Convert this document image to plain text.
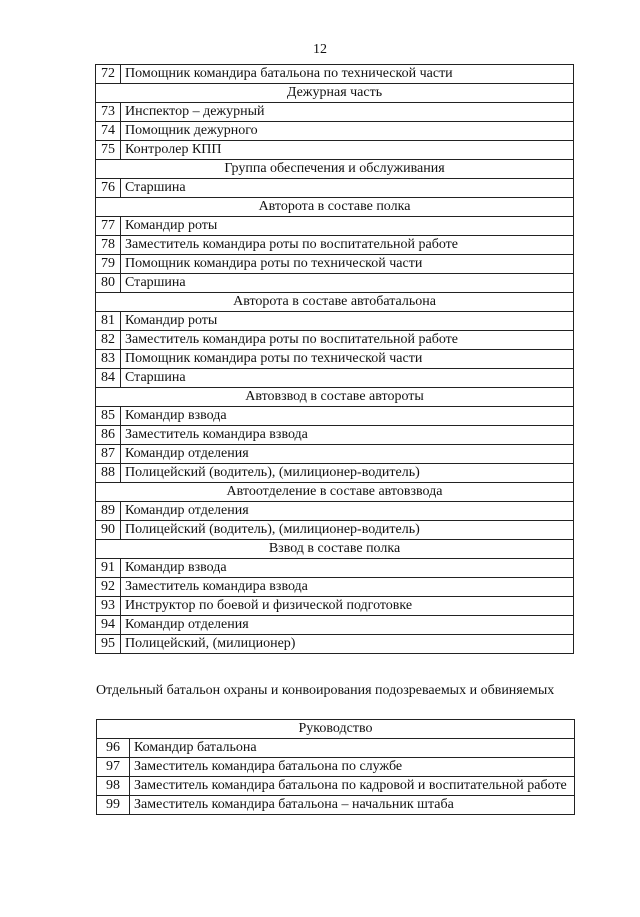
12
72	Помощник командира батальона по технической части
Дежурная часть	
73	Инспектор – дежурный
74	Помощник дежурного
75	Контролер КПП
Группа обеспечения и обслуживания	
76	Старшина
Авторота в составе полка	
77	Командир роты
78	Заместитель командира роты по воспитательной работе
79	Помощник командира роты по технической части
80	Старшина
Авторота в составе автобатальона	
81	Командир роты
82	Заместитель командира роты по воспитательной работе
83	Помощник командира роты по технической части
84	Старшина
Автовзвод в составе автороты	
85	Командир взвода
86	Заместитель командира взвода
87	Командир отделения
88	Полицейский (водитель), (милиционер-водитель)
Автоотделение в составе автовзвода	
89	Командир отделения
90	Полицейский (водитель), (милиционер-водитель)
Взвод в составе полка	
91	Командир взвода
92	Заместитель командира взвода
93	Инструктор по боевой и физической подготовке
94	Командир отделения
95	Полицейский, (милиционер)
Отдельный батальон охраны и конвоирования подозреваемых и обвиняемых
Руководство	
96	Командир батальона
97	Заместитель командира батальона по службе
98	Заместитель командира батальона по кадровой и воспитательной работе
99	Заместитель командира батальона – начальник штаба
